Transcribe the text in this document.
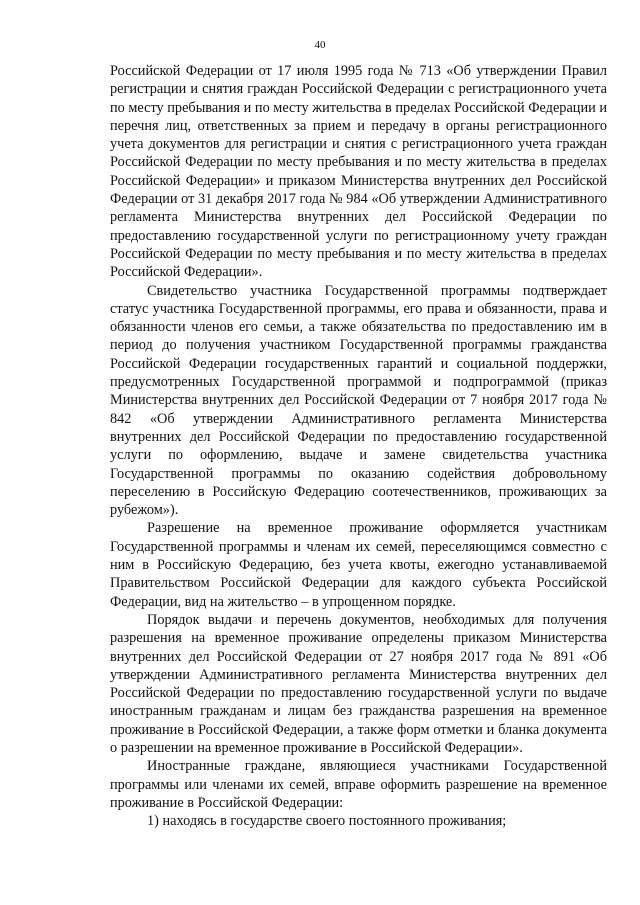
40

Российской Федерации от 17 июля 1995 года № 713 «Об утверждении Правил регистрации и снятия граждан Российской Федерации с регистрационного учета по месту пребывания и по месту жительства в пределах Российской Федерации и перечня лиц, ответственных за прием и передачу в органы регистрационного учета документов для регистрации и снятия с регистрационного учета граждан Российской Федерации по месту пребывания и по месту жительства в пределах Российской Федерации» и приказом Министерства внутренних дел Российской Федерации от 31 декабря 2017 года № 984 «Об утверждении Административного регламента Министерства внутренних дел Российской Федерации по предоставлению государственной услуги по регистрационному учету граждан Российской Федерации по месту пребывания и по месту жительства в пределах Российской Федерации».

Свидетельство участника Государственной программы подтверждает статус участника Государственной программы, его права и обязанности, права и обязанности членов его семьи, а также обязательства по предоставлению им в период до получения участником Государственной программы гражданства Российской Федерации государственных гарантий и социальной поддержки, предусмотренных Государственной программой и подпрограммой (приказ Министерства внутренних дел Российской Федерации от 7 ноября 2017 года № 842 «Об утверждении Административного регламента Министерства внутренних дел Российской Федерации по предоставлению государственной услуги по оформлению, выдаче и замене свидетельства участника Государственной программы по оказанию содействия добровольному переселению в Российскую Федерацию соотечественников, проживающих за рубежом»).

Разрешение на временное проживание оформляется участникам Государственной программы и членам их семей, переселяющимся совместно с ним в Российскую Федерацию, без учета квоты, ежегодно устанавливаемой Правительством Российской Федерации для каждого субъекта Российской Федерации, вид на жительство – в упрощенном порядке.

Порядок выдачи и перечень документов, необходимых для получения разрешения на временное проживание определены приказом Министерства внутренних дел Российской Федерации от 27 ноября 2017 года № 891 «Об утверждении Административного регламента Министерства внутренних дел Российской Федерации по предоставлению государственной услуги по выдаче иностранным гражданам и лицам без гражданства разрешения на временное проживание в Российской Федерации, а также форм отметки и бланка документа о разрешении на временное проживание в Российской Федерации».

Иностранные граждане, являющиеся участниками Государственной программы или членами их семей, вправе оформить разрешение на временное проживание в Российской Федерации:

1) находясь в государстве своего постоянного проживания;
